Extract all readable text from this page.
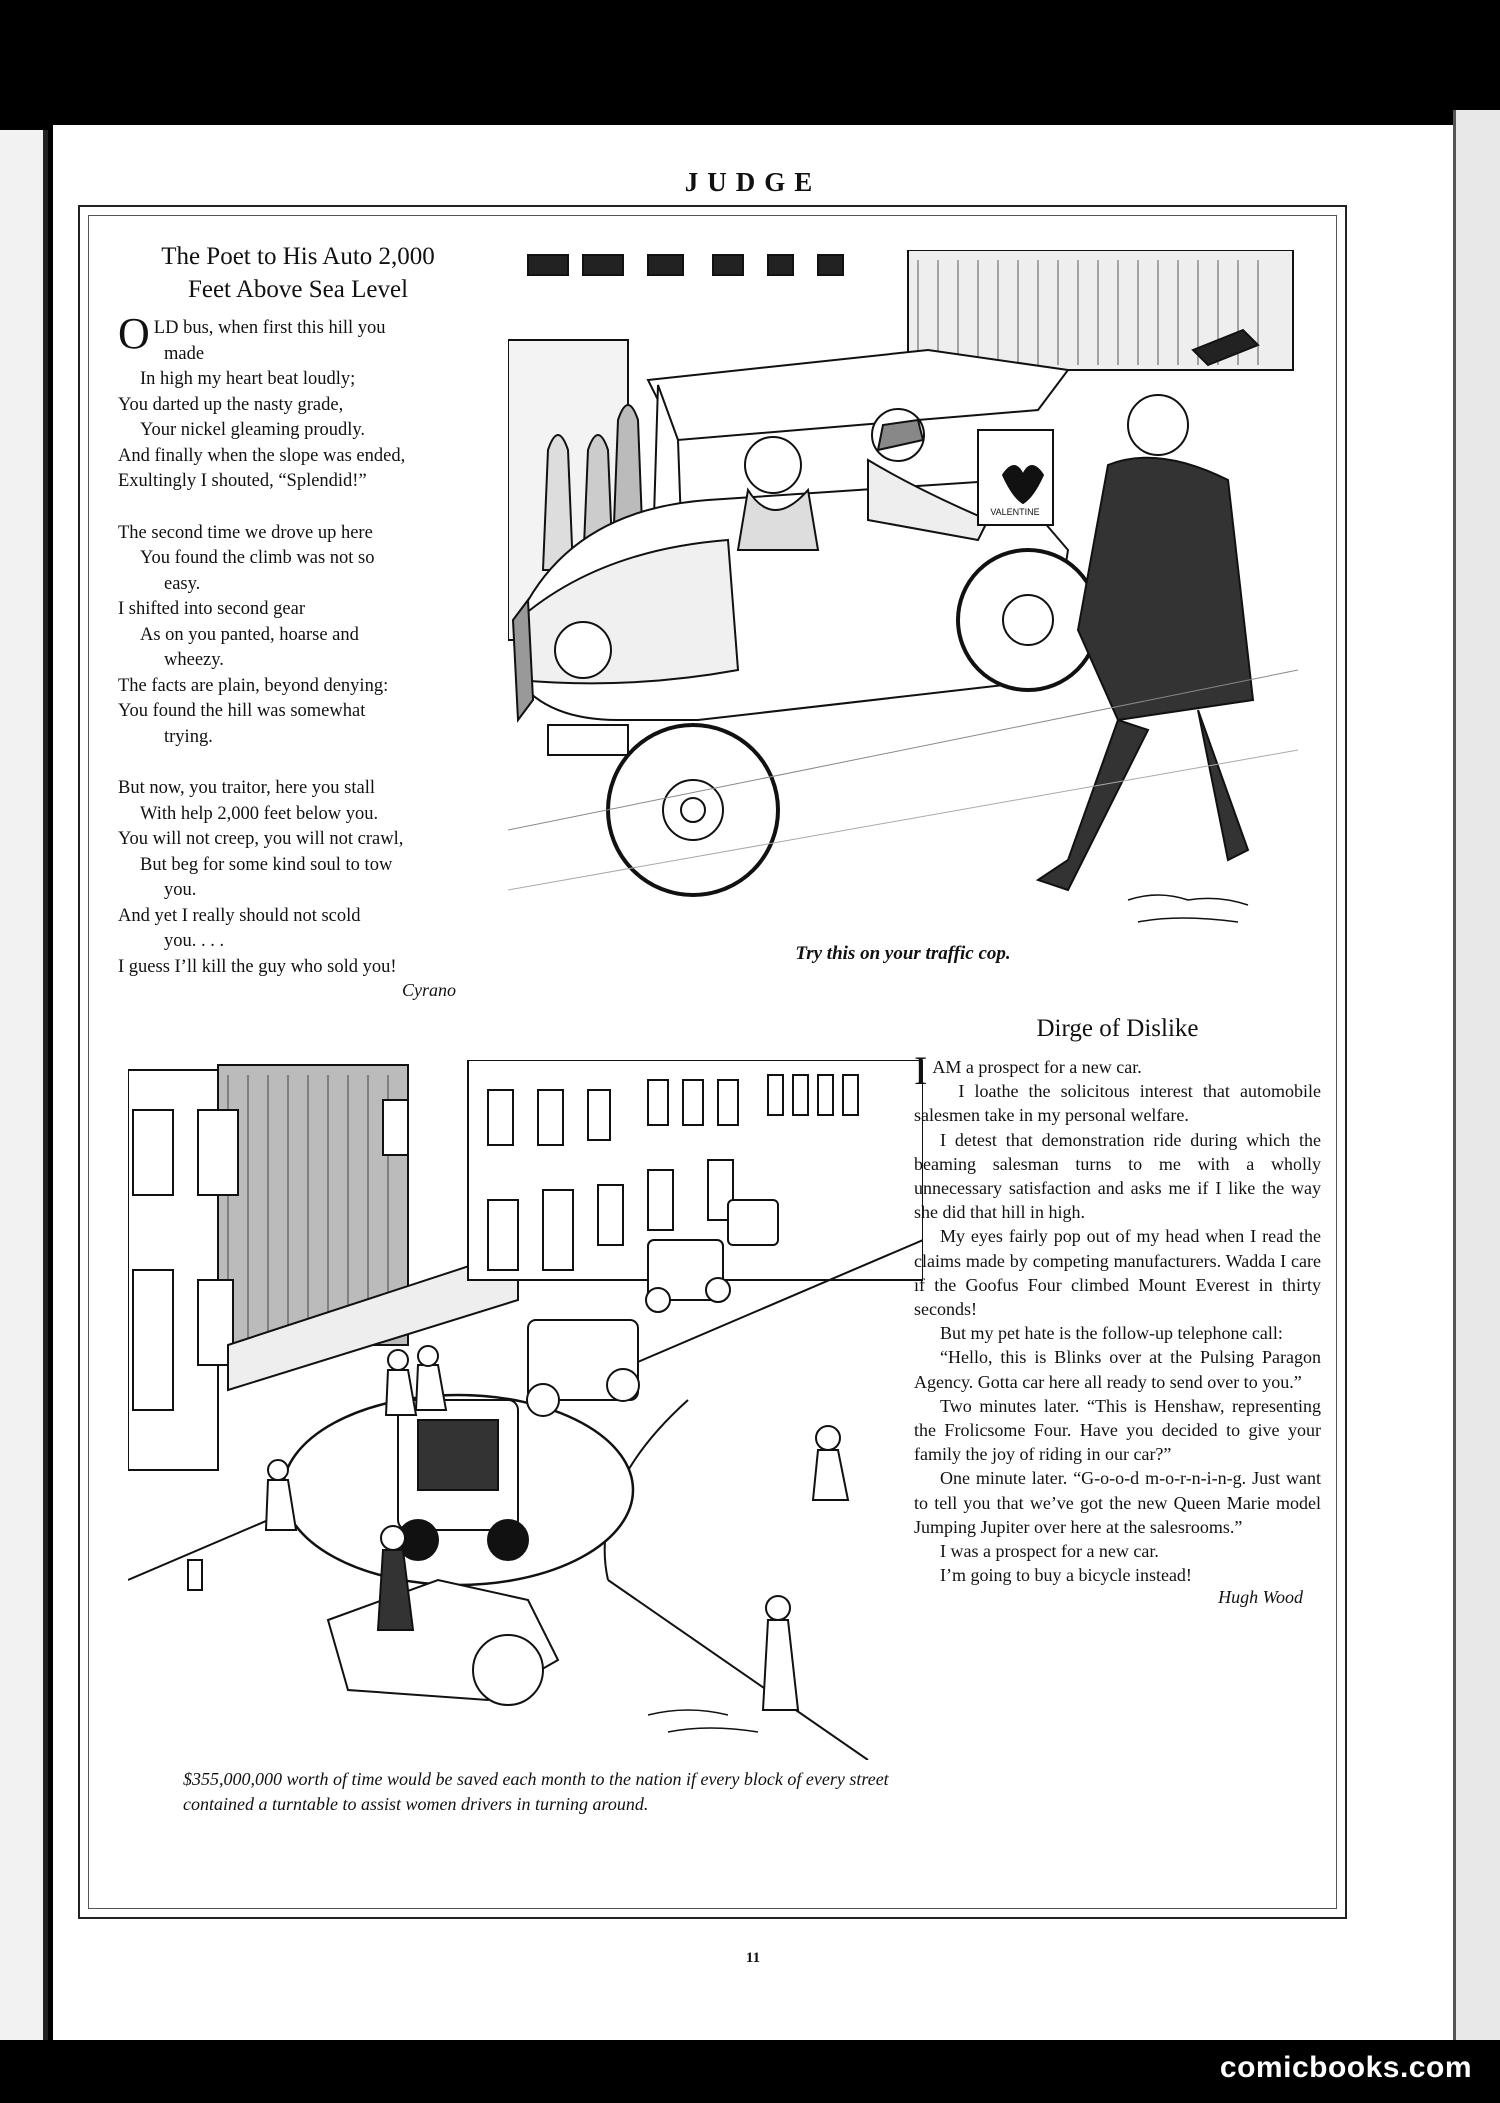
JUDGE
The Poet to His Auto 2,000
Feet Above Sea Level
OLD bus, when first this hill you
made
In high my heart beat loudly;
You darted up the nasty grade,
Your nickel gleaming proudly.
And finally when the slope was ended,
Exultingly I shouted, “Splendid!”
The second time we drove up here
You found the climb was not so
easy.
I shifted into second gear
As on you panted, hoarse and
wheezy.
The facts are plain, beyond denying:
You found the hill was somewhat
trying.
But now, you traitor, here you stall
With help 2,000 feet below you.
You will not creep, you will not crawl,
But beg for some kind soul to tow
you.
And yet I really should not scold
you. . . .
I guess I’ll kill the guy who sold you!
Cyrano
VALENTINE
Try this on your traffic cop.
$355,000,000 worth of time would be saved each month to the nation if every block of every street contained a turntable to assist women drivers in turning around.
Dirge of Dislike
IAM a prospect for a new car.
I loathe the solicitous interest that automobile salesmen take in my personal welfare.
I detest that demonstration ride during which the beaming salesman turns to me with a wholly unnecessary satisfaction and asks me if I like the way she did that hill in high.
My eyes fairly pop out of my head when I read the claims made by competing manufacturers. Wadda I care if the Goofus Four climbed Mount Everest in thirty seconds!
But my pet hate is the follow-up telephone call:
“Hello, this is Blinks over at the Pulsing Paragon Agency. Gotta car here all ready to send over to you.”
Two minutes later. “This is Henshaw, representing the Frolicsome Four. Have you decided to give your family the joy of riding in our car?”
One minute later. “G-o-o-d m-o-r-n-i-n-g. Just want to tell you that we’ve got the new Queen Marie model Jumping Jupiter over here at the salesrooms.”
I was a prospect for a new car.
I’m going to buy a bicycle instead!
Hugh Wood
11
comicbooks.com
